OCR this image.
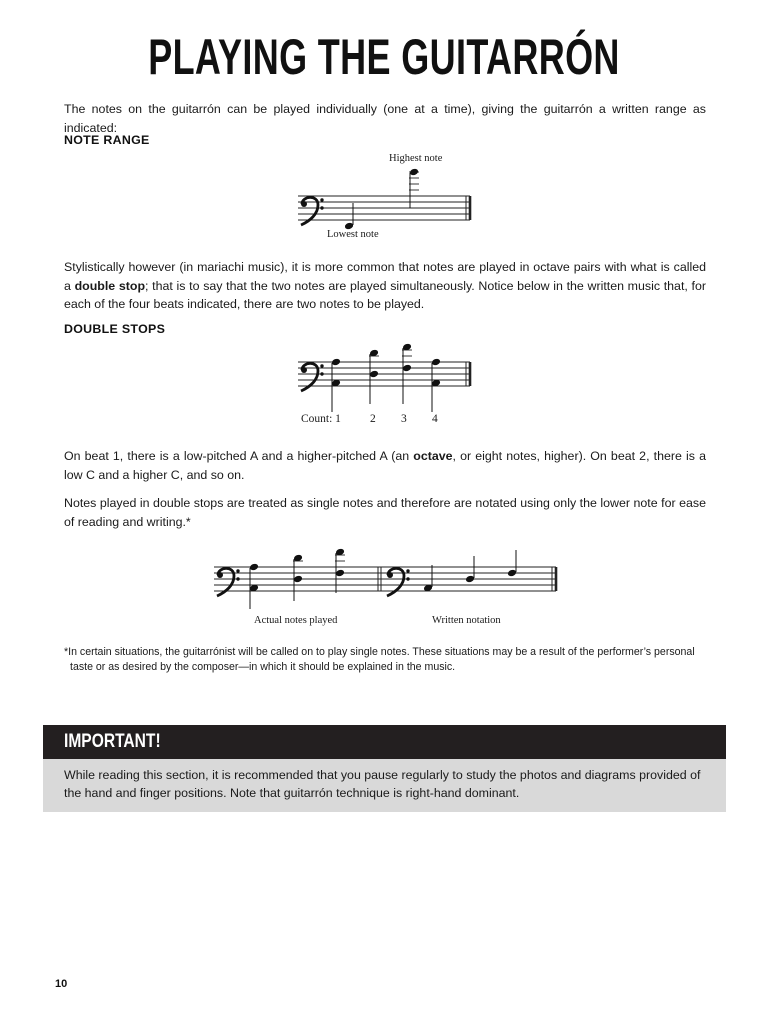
PLAYING THE GUITARRÓN

The notes on the guitarrón can be played individually (one at a time), giving the guitarrón a written range as indicated:

NOTE RANGE
Highest note
Lowest note

Stylistically however (in mariachi music), it is more common that notes are played in octave pairs with what is called a double stop; that is to say that the two notes are played simultaneously. Notice below in the written music that, for each of the four beats indicated, there are two notes to be played.

DOUBLE STOPS
Count: 1	2 3 4

On beat 1, there is a low-pitched A and a higher-pitched A (an octave, or eight notes, higher). On beat 2, there is a low C and a higher C, and so on.

Notes played in double stops are treated as single notes and therefore are notated using only the lower note for ease of reading and writing.*

Actual notes played	Written notation

*In certain situations, the guitarrónist will be called on to play single notes. These situations may be a result of the performer’s personal taste or as desired by the composer—in which it should be explained in the music.

IMPORTANT!

While reading this section, it is recommended that you pause regularly to study the photos and diagrams provided of the hand and finger positions. Note that guitarrón technique is right-hand dominant.

10
